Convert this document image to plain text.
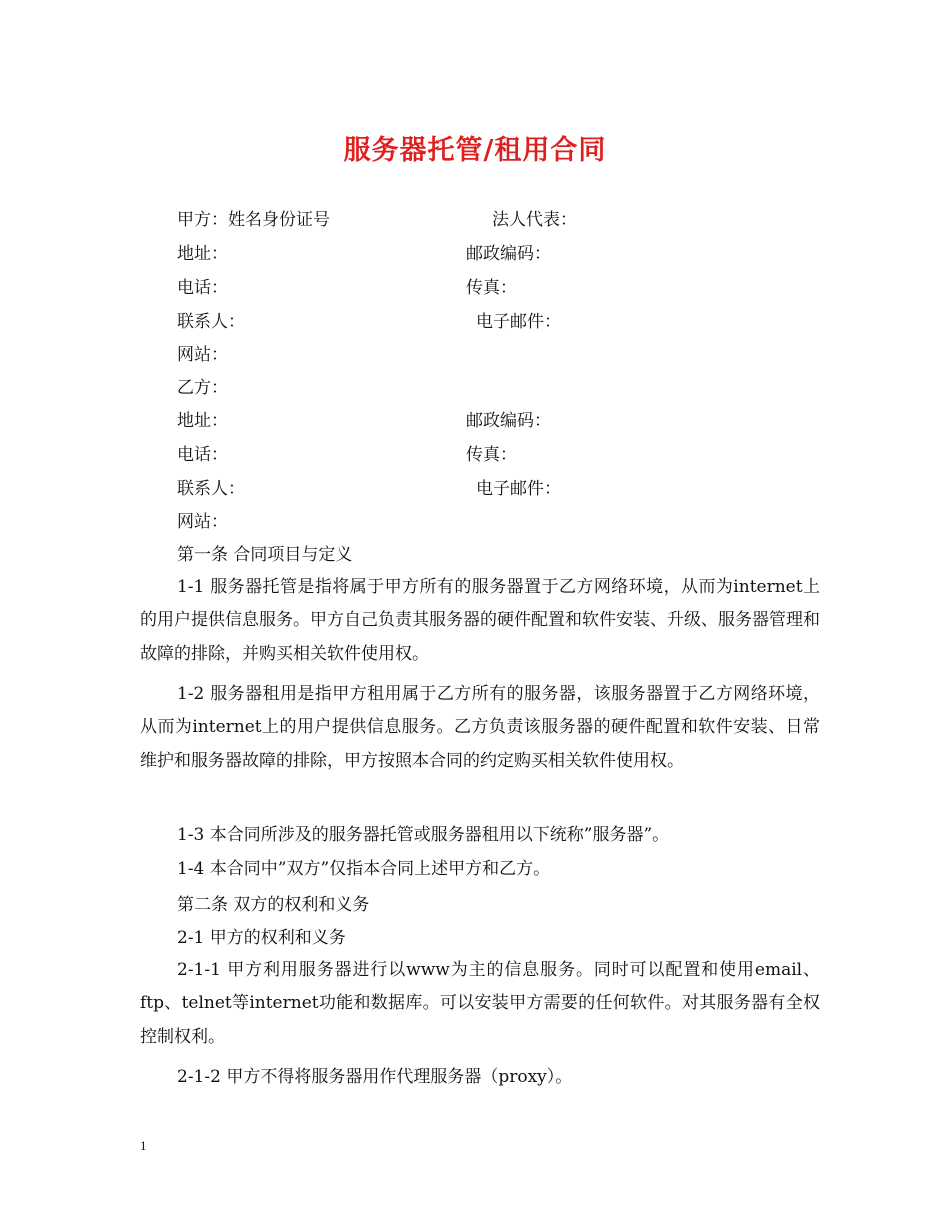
服务器托管/租用合同
甲方：姓名身份证号	法人代表：
地址：	邮政编码：
电话：	传真：
联系人：	电子邮件：
网站：
乙方：
地址：	邮政编码：
电话：	传真：
联系人：	电子邮件：
网站：
第一条 合同项目与定义
1-1 服务器托管是指将属于甲方所有的服务器置于乙方网络环境，从而为internet上的用户提供信息服务。甲方自己负责其服务器的硬件配置和软件安装、升级、服务器管理和故障的排除，并购买相关软件使用权。
1-2 服务器租用是指甲方租用属于乙方所有的服务器，该服务器置于乙方网络环境，从而为internet上的用户提供信息服务。乙方负责该服务器的硬件配置和软件安装、日常维护和服务器故障的排除，甲方按照本合同的约定购买相关软件使用权。
1-3 本合同所涉及的服务器托管或服务器租用以下统称”服务器”。
1-4 本合同中”双方”仅指本合同上述甲方和乙方。
第二条 双方的权利和义务
2-1 甲方的权利和义务
2-1-1 甲方利用服务器进行以www为主的信息服务。同时可以配置和使用email、ftp、telnet等internet功能和数据库。可以安装甲方需要的任何软件。对其服务器有全权控制权利。
2-1-2 甲方不得将服务器用作代理服务器（proxy）。
1
